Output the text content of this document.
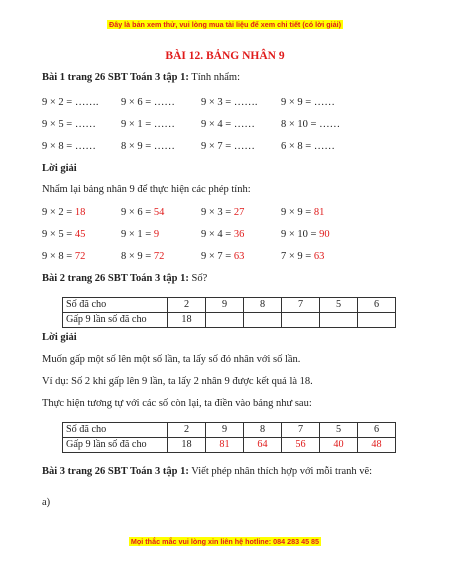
Đây là bản xem thử, vui lòng mua tài liệu để xem chi tiết (có lời giải)
BÀI 12. BẢNG NHÂN 9
Bài 1 trang 26 SBT Toán 3 tập 1: Tính nhẩm:
9 × 2 = ……. 9 × 6 = …… 9 × 3 = ……. 9 × 9 = ……
9 × 5 = …… 9 × 1 = …… 9 × 4 = …… 8 × 10 = ……
9 × 8 = …… 8 × 9 = …… 9 × 7 = …… 6 × 8 = ……
Lời giải
Nhẩm lại bảng nhân 9 để thực hiện các phép tính:
9 × 2 = 18	9 × 6 = 54	9 × 3 = 27	9 × 9 = 81
9 × 5 = 45	9 × 1 = 9	9 × 4 = 36	9 × 10 = 90
9 × 8 = 72	8 × 9 = 72	9 × 7 = 63	7 × 9 = 63
Bài 2 trang 26 SBT Toán 3 tập 1: Số?
Số đã cho	2	9	8	7	5	6
Gấp 9 lần số đã cho	18					
Lời giải
Muốn gấp một số lên một số lần, ta lấy số đó nhân với số lần.
Ví dụ: Số 2 khi gấp lên 9 lần, ta lấy 2 nhân 9 được kết quả là 18.
Thực hiện tương tự với các số còn lại, ta điền vào bảng như sau:
Số đã cho	2	9	8	7	5	6
Gấp 9 lần số đã cho	18	81	64	56	40	48
Bài 3 trang 26 SBT Toán 3 tập 1: Viết phép nhân thích hợp với mỗi tranh vẽ:
a)
Mọi thắc mắc vui lòng xin liên hệ hotline: 084 283 45 85
